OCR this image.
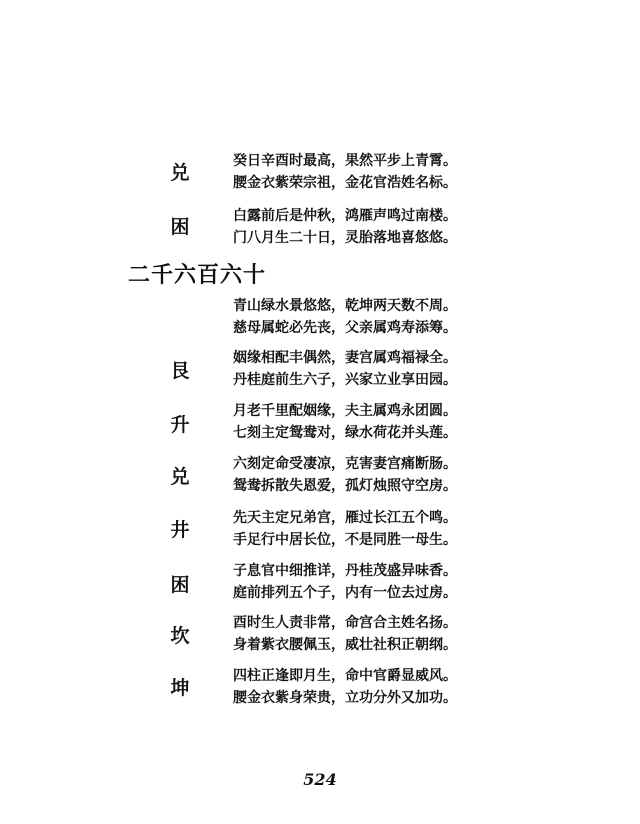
兑
癸日辛酉时最高，果然平步上青霄。
腰金衣紫荣宗祖，金花官浩姓名标。
困	白露前后是仲秋，鸿雁声鸣过南楼。
门八月生二十日，灵胎落地喜悠悠。
二千六百六十
青山绿水景悠悠，乾坤两天数不周。
慈母属蛇必先丧，父亲属鸡寿添筹。
艮
姻缘相配丰偶然，妻宫属鸡福禄全。
丹桂庭前生六子，兴家立业享田园。
升
月老千里配姻缘，夫主属鸡永团圆。
七刻主定鸳鸯对，绿水荷花并头莲。
兑
六刻定命受凄凉，克害妻宫痛断肠。
鸳鸯拆散失恩爱，孤灯烛照守空房。
井
先天主定兄弟宫，雁过长江五个鸣。
手足行中居长位，不是同胜一母生。
困
子息官中细推详，丹桂茂盛异味香。
庭前排列五个子，内有一位去过房。
坎
酉时生人责非常，命宫合主姓名扬。
身着紫衣腰佩玉，威壮社积正朝纲。
坤
四柱正逢即月生，命中官爵显威风。
腰金衣紫身荣贵，立功分外又加功。
524
